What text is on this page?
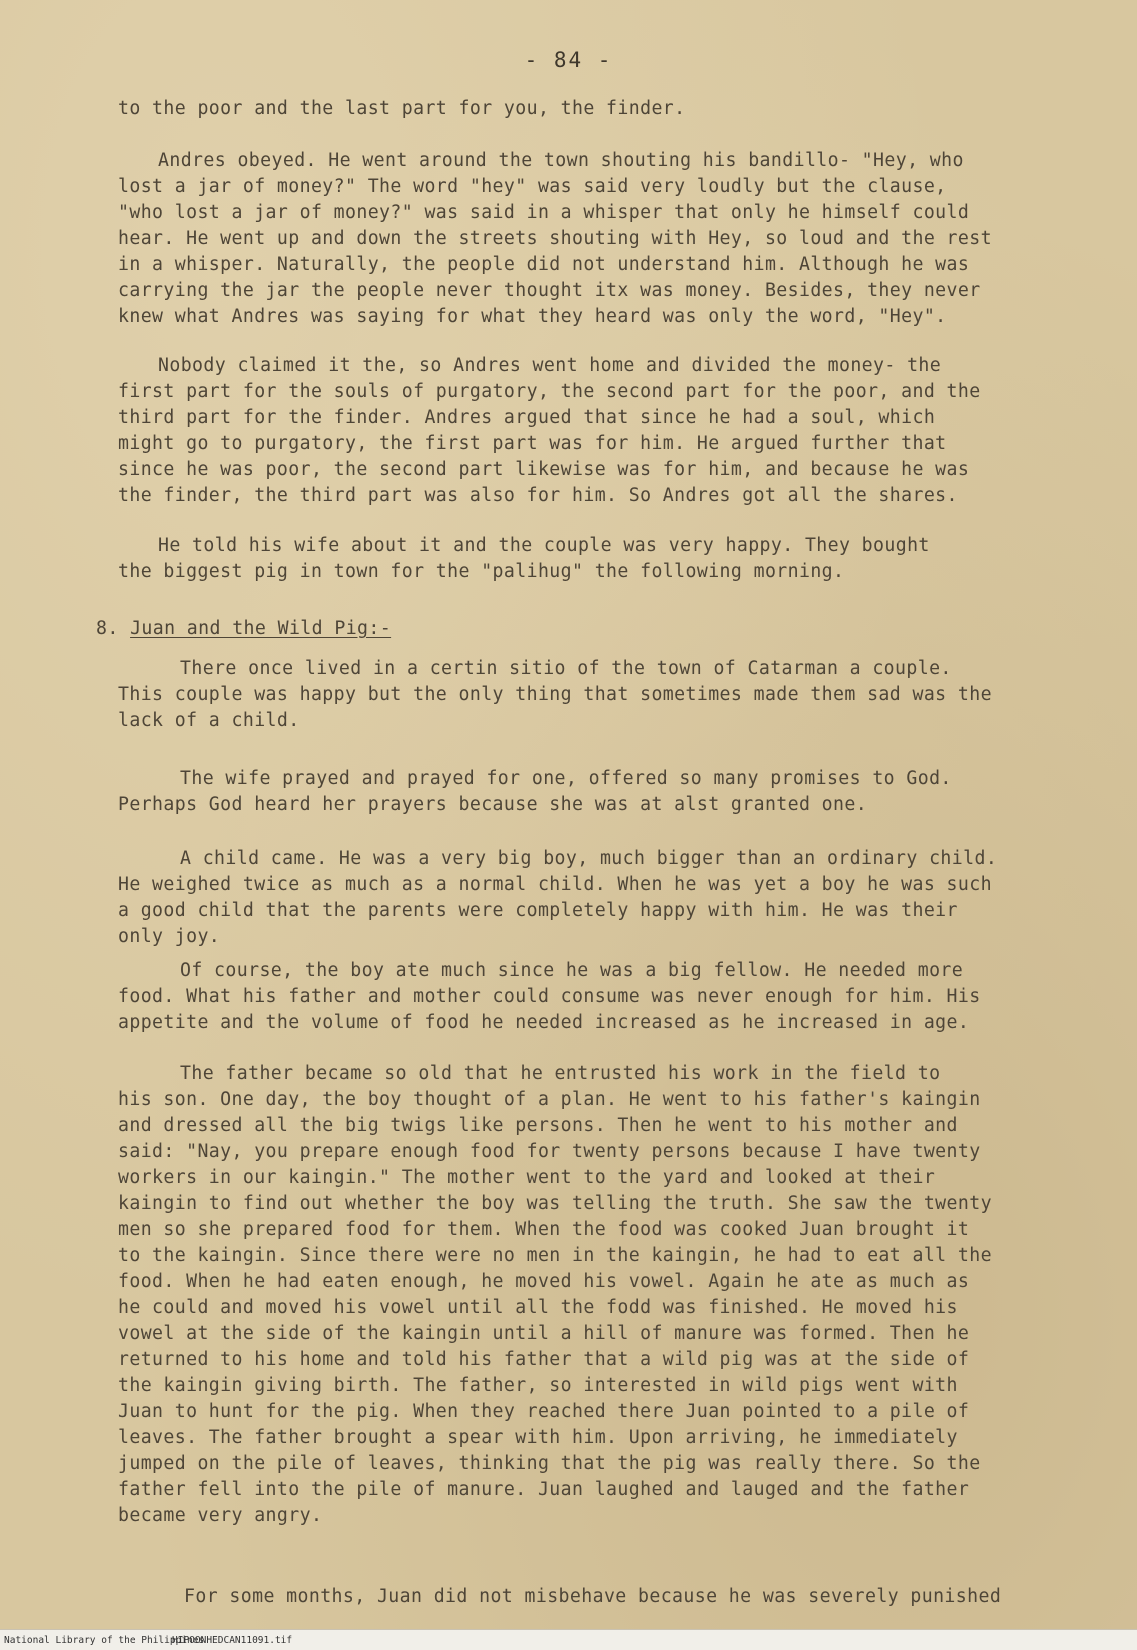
- 84 -
to the poor and the last part for you, the finder.
Andres obeyed. He went around the town shouting his bandillo- "Hey, who
lost a jar of money?" The word "hey" was said very loudly but the clause,
"who lost a jar of money?" was said in a whisper that only he himself could
hear. He went up and down the streets shouting with Hey, so loud and the rest
in a whisper. Naturally, the people did not understand him. Although he was
carrying the jar the people never thought itx was money. Besides, they never
knew what Andres was saying for what they heard was only the word, "Hey".
Nobody claimed it the, so Andres went home and divided the money- the
first part for the souls of purgatory, the second part for the poor, and the
third part for the finder. Andres argued that since he had a soul, which
might go to purgatory, the first part was for him. He argued further that
since he was poor, the second part likewise was for him, and because he was
the finder, the third part was also for him. So Andres got all the shares.
He told his wife about it and the couple was very happy. They bought
the biggest pig in town for the "palihug" the following morning.
8. Juan and the Wild Pig:-
There once lived in a certin sitio of the town of Catarman a couple.
This couple was happy but the only thing that sometimes made them sad was the
lack of a child.
The wife prayed and prayed for one, offered so many promises to God.
Perhaps God heard her prayers because she was at alst granted one.
A child came. He was a very big boy, much bigger than an ordinary child.
He weighed twice as much as a normal child. When he was yet a boy he was such
a good child that the parents were completely happy with him. He was their
only joy.
Of course, the boy ate much since he was a big fellow. He needed more
food. What his father and mother could consume was never enough for him. His
appetite and the volume of food he needed increased as he increased in age.
The father became so old that he entrusted his work in the field to
his son. One day, the boy thought of a plan. He went to his father's kaingin
and dressed all the big twigs like persons. Then he went to his mother and
said: "Nay, you prepare enough food for twenty persons because I have twenty
workers in our kaingin." The mother went to the yard and looked at their
kaingin to find out whether the boy was telling the truth. She saw the twenty
men so she prepared food for them. When the food was cooked Juan brought it
to the kaingin. Since there were no men in the kaingin, he had to eat all the
food. When he had eaten enough, he moved his vowel. Again he ate as much as
he could and moved his vowel until all the fodd was finished. He moved his
vowel at the side of the kaingin until a hill of manure was formed. Then he
returned to his home and told his father that a wild pig was at the side of
the kaingin giving birth. The father, so interested in wild pigs went with
Juan to hunt for the pig. When they reached there Juan pointed to a pile of
leaves. The father brought a spear with him. Upon arriving, he immediately
jumped on the pile of leaves, thinking that the pig was really there. So the
father fell into the pile of manure. Juan laughed and lauged and the father
became very angry.
For some months, Juan did not misbehave because he was severely punished
National Library of the Philippines
HIPOONHEDCAN11091.tif
